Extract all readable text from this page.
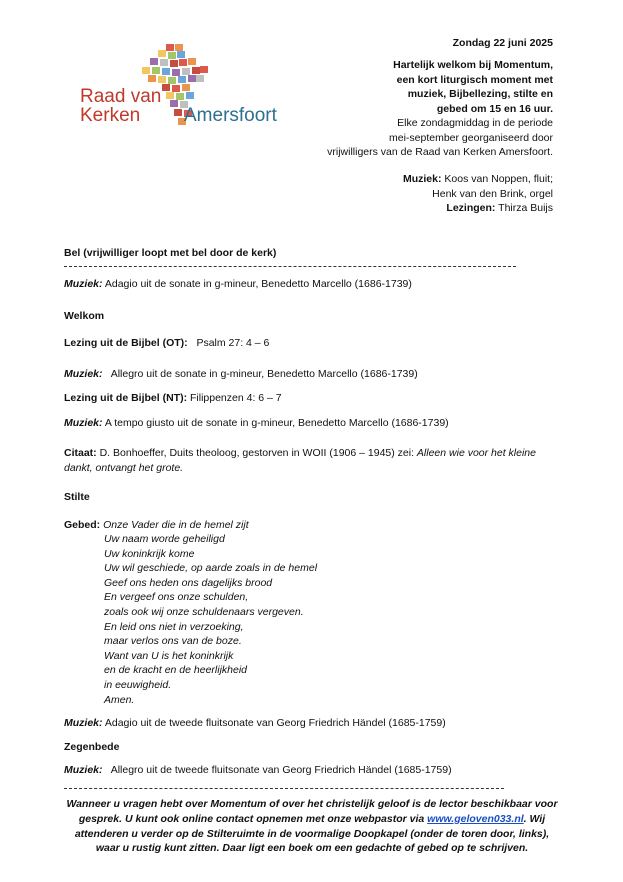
Raad van
Kerken Amersfoort
Zondag 22 juni 2025
Hartelijk welkom bij Momentum,
een kort liturgisch moment met
muziek, Bijbellezing, stilte en
gebed om 15 en 16 uur.
Elke zondagmiddag in de periode
mei-september georganiseerd door
vrijwilligers van de Raad van Kerken Amersfoort.
Muziek: Koos van Noppen, fluit;
Henk van den Brink, orgel
Lezingen: Thirza Buijs
Bel (vrijwilliger loopt met bel door de kerk)
Muziek: Adagio uit de sonate in g-mineur, Benedetto Marcello (1686-1739)
Welkom
Lezing uit de Bijbel (OT): Psalm 27: 4 – 6
Muziek: Allegro uit de sonate in g-mineur, Benedetto Marcello (1686-1739)
Lezing uit de Bijbel (NT): Filippenzen 4: 6 – 7
Muziek: A tempo giusto uit de sonate in g-mineur, Benedetto Marcello (1686-1739)
Citaat: D. Bonhoeffer, Duits theoloog, gestorven in WOII (1906 – 1945) zei: Alleen wie voor het kleine
dankt, ontvangt het grote.
Stilte
Gebed: Onze Vader die in de hemel zijt
Uw naam worde geheiligd
Uw koninkrijk kome
Uw wil geschiede, op aarde zoals in de hemel
Geef ons heden ons dagelijks brood
En vergeef ons onze schulden,
zoals ook wij onze schuldenaars vergeven.
En leid ons niet in verzoeking,
maar verlos ons van de boze.
Want van U is het koninkrijk
en de kracht en de heerlijkheid
in eeuwigheid.
Amen.
Muziek: Adagio uit de tweede fluitsonate van Georg Friedrich Händel (1685-1759)
Zegenbede
Muziek: Allegro uit de tweede fluitsonate van Georg Friedrich Händel (1685-1759)
Wanneer u vragen hebt over Momentum of over het christelijk geloof is de lector beschikbaar voor gesprek. U kunt ook online contact opnemen met onze webpastor via www.geloven033.nl. Wij attenderen u verder op de Stilteruimte in de voormalige Doopkapel (onder de toren door, links), waar u rustig kunt zitten. Daar ligt een boek om een gedachte of gebed op te schrijven.
